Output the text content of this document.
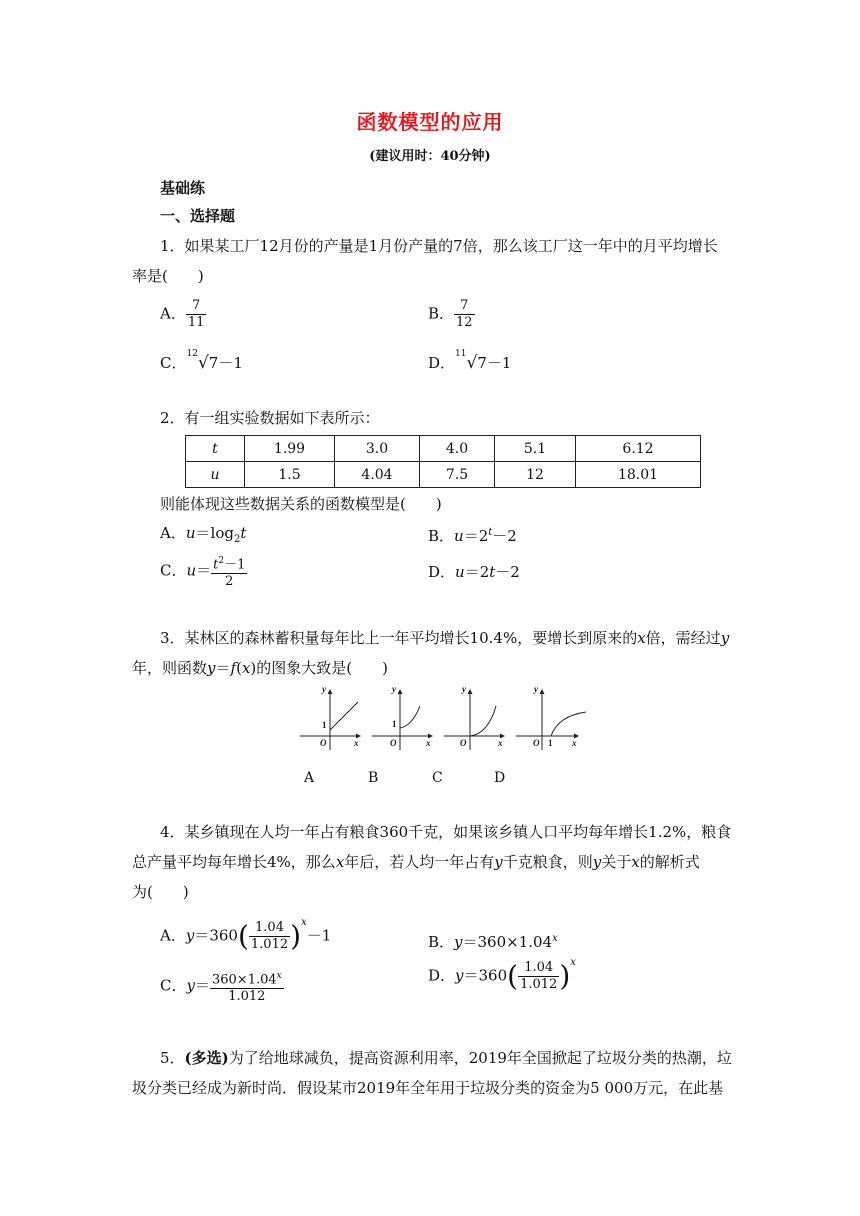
函数模型的应用
(建议用时：40分钟)
基础练
一、选择题
1．如果某工厂12月份的产量是1月份产量的7倍，那么该工厂这一年中的月平均增长
率是(　　)
A． $\frac{7}{11}$	B． $\frac{7}{12}$
C．$^{12}$√7－1	D．$^{11}$√7－1
2．有一组实验数据如下表所示：
t	1.99	3.0	4.0	5.1	6.12
u	1.5	4.04	7.5	12	18.01
则能体现这些数据关系的函数模型是(　　)
A．$u=\log_2t$	B．$u=2^t-2$
C．$u= \frac{t^2-1}{2}$	D．u＝2t－2
3．某林区的森林蓄积量每年比上一年平均增长10.4%，要增长到原来的x倍，需经过y
年，则函数y＝f(x)的图象大致是(　　)
y
x
O
1
y
x
O
1
y
x
O
y
x
O 1
A	B	C	D
4．某乡镇现在人均一年占有粮食360千克，如果该乡镇人口平均每年增长1.2%，粮食
总产量平均每年增长4%，那么x年后，若人均一年占有y千克粮食，则y关于x的解析式
为(　　)
A．$y=360( \frac{1.04}{1.012} )^x-1$	B．$y=360\times 1.04^x$
C．$y= \frac{360\times 1.04^x}{1.012}$	D．$y=360( \frac{1.04}{1.012} )^x$
5．(多选)为了给地球减负，提高资源利用率，2019年全国掀起了垃圾分类的热潮，垃
圾分类已经成为新时尚．假设某市2019年全年用于垃圾分类的资金为5 000万元，在此基
